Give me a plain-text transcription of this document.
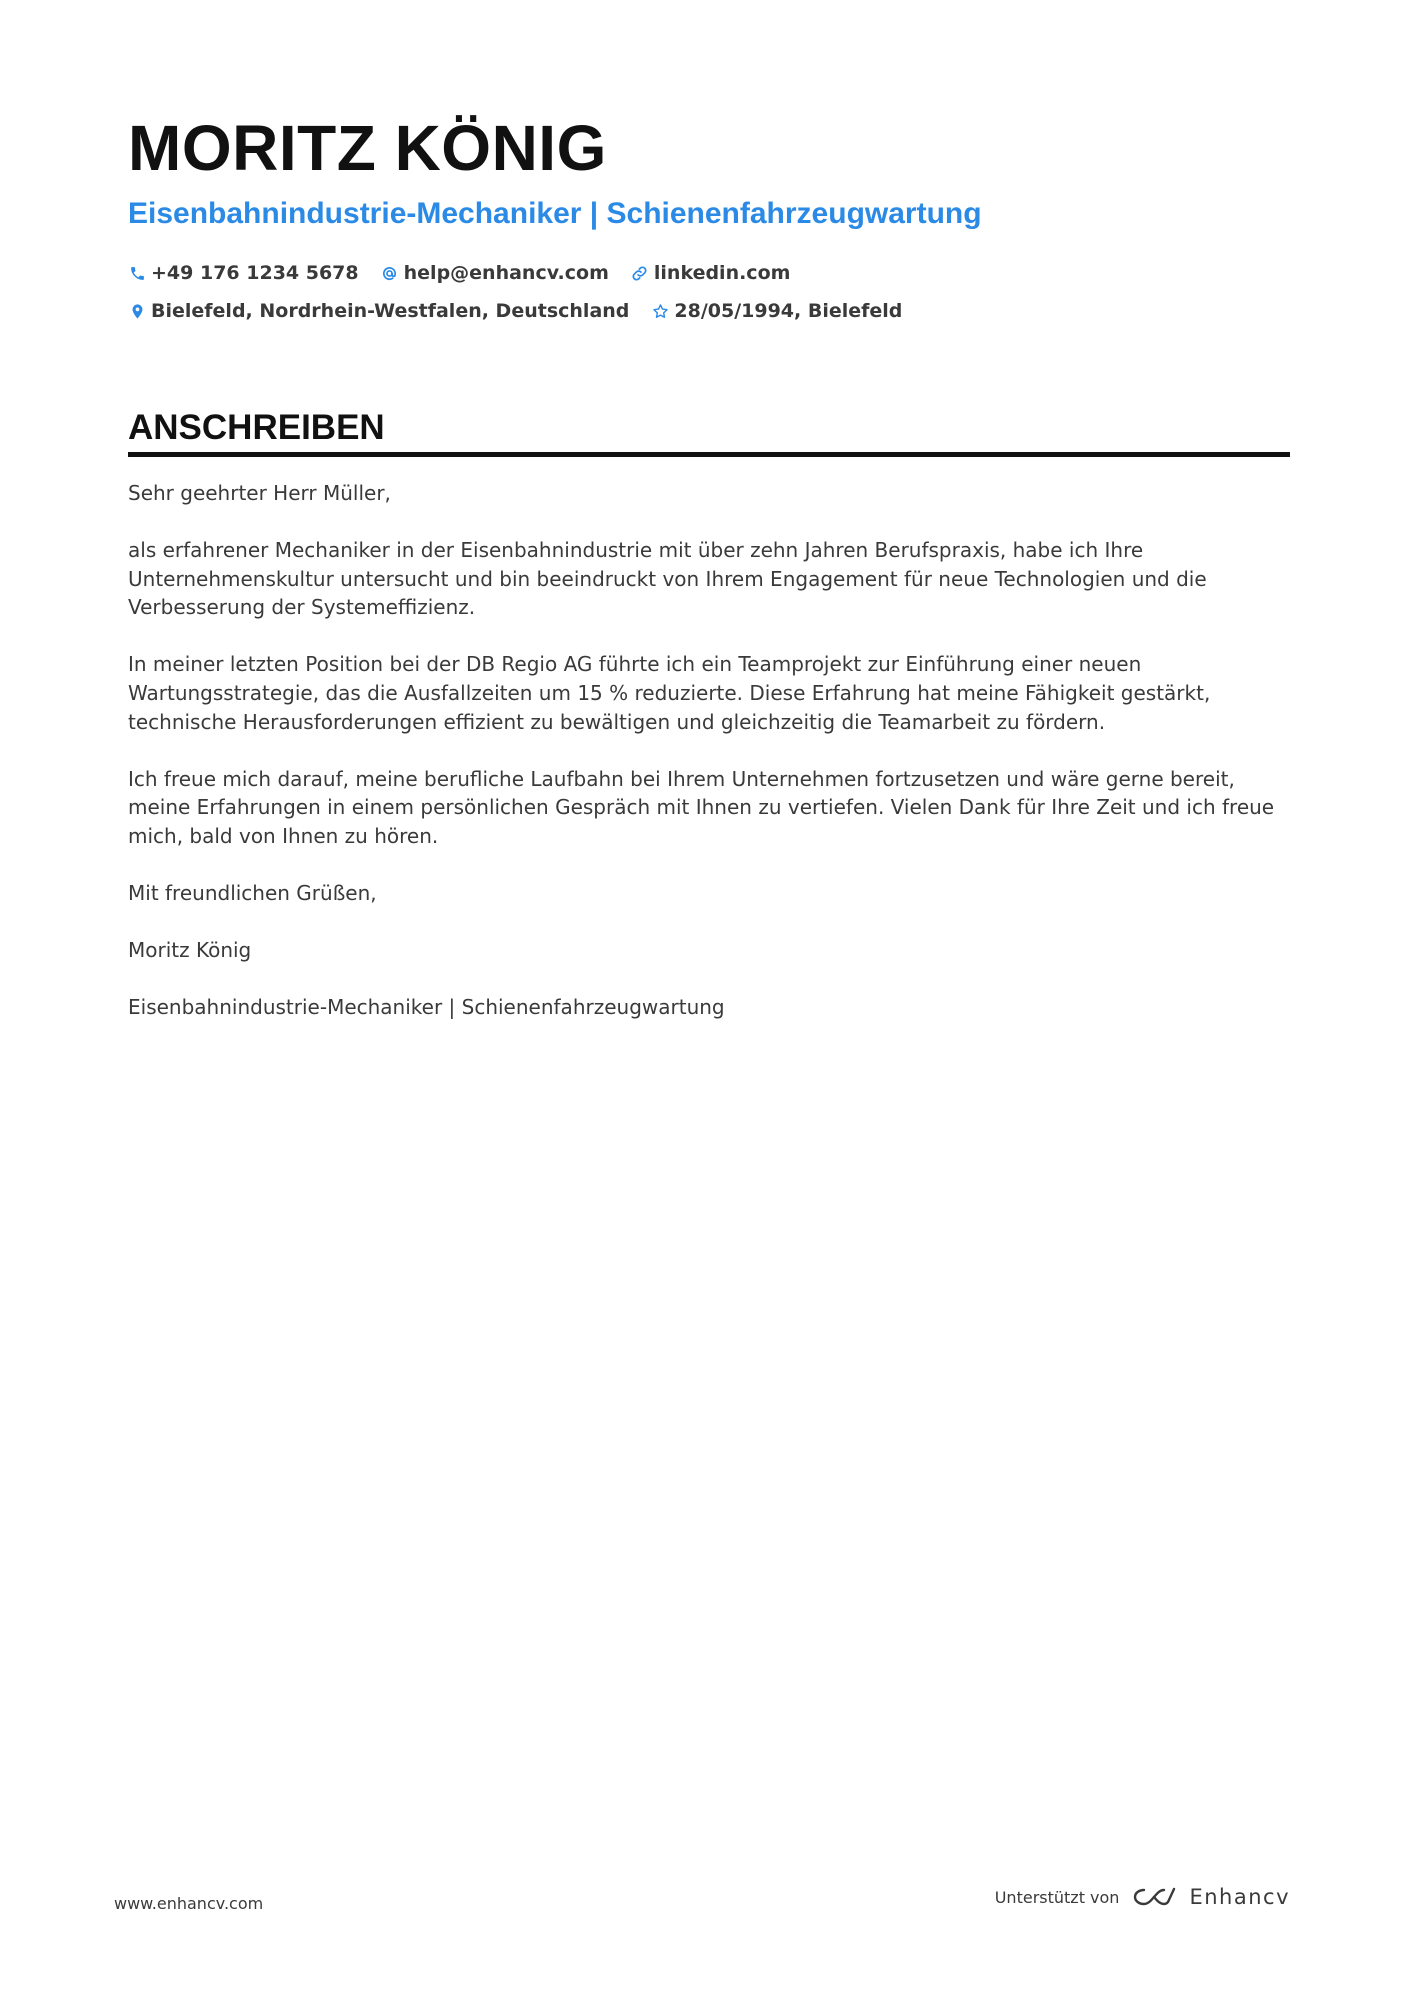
MORITZ KÖNIG
Eisenbahnindustrie-Mechaniker | Schienenfahrzeugwartung
+49 176 1234 5678 help@enhancv.com linkedin.com
Bielefeld, Nordrhein-Westfalen, Deutschland 28/05/1994, Bielefeld
ANSCHREIBEN

Sehr geehrter Herr Müller,

als erfahrener Mechaniker in der Eisenbahnindustrie mit über zehn Jahren Berufspraxis, habe ich Ihre Unternehmenskultur untersucht und bin beeindruckt von Ihrem Engagement für neue Technologien und die Verbesserung der Systemeffizienz.

In meiner letzten Position bei der DB Regio AG führte ich ein Teamprojekt zur Einführung einer neuen Wartungsstrategie, das die Ausfallzeiten um 15 % reduzierte. Diese Erfahrung hat meine Fähigkeit gestärkt, technische Herausforderungen effizient zu bewältigen und gleichzeitig die Teamarbeit zu fördern.

Ich freue mich darauf, meine berufliche Laufbahn bei Ihrem Unternehmen fortzusetzen und wäre gerne bereit, meine Erfahrungen in einem persönlichen Gespräch mit Ihnen zu vertiefen. Vielen Dank für Ihre Zeit und ich freue mich, bald von Ihnen zu hören.

Mit freundlichen Grüßen,

Moritz König

Eisenbahnindustrie-Mechaniker | Schienenfahrzeugwartung

www.enhancv.com	Unterstützt von	Enhancv
